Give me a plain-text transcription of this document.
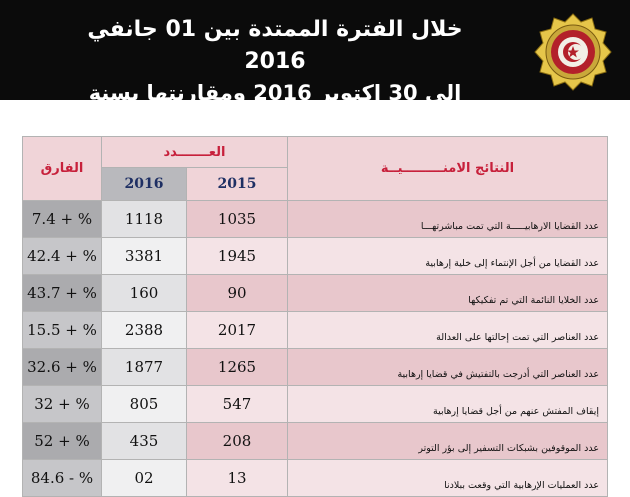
خلال الفترة الممتدة بين 01 جانفي 2016
الى 30 اكتوبر 2016 ومقارنتها بسنة 2015
النتائج الامنـــــــــيــة	العـــــــدد		الفارق
	2015	2016	
عدد القضايا الارهابيـــــة التي تمت مباشرتهـــا	1035	1118	% + 7.4
عدد القضايا من أجل الإنتماء إلى خلية إرهابية	1945	3381	% + 42.4
عدد الخلايا النائمة التي تم تفكيكها	90	160	% + 43.7
عدد العناصر التي تمت إحالتها على العدالة	2017	2388	% + 15.5
عدد العناصر التي أدرجت بالتفتيش في قضايا إرهابية	1265	1877	% + 32.6
إيقاف المفتش عنهم من أجل قضايا إرهابية	547	805	% + 32
عدد الموقوفين بشبكات التسفير إلى بؤر التوتر	208	435	% + 52
عدد العمليات الإرهابية التي وقعت ببلادنا	13	02	% - 84.6
